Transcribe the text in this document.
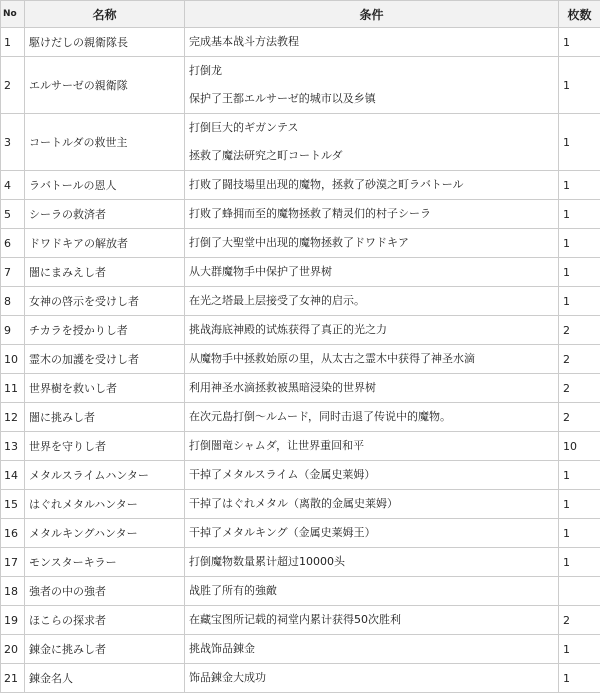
No	名称	条件	枚数
1	駆けだしの親衛隊長	完成基本战斗方法教程	1
2	エルサーゼの親衛隊	打倒龙
保护了王都エルサーゼ的城市以及乡镇	1
3	コートルダの救世主	打倒巨大的ギガンテス
拯救了魔法研究之町コートルダ	1
4	ラバトールの恩人	打败了闘技場里出现的魔物，拯救了砂漠之町ラバトール	1
5	シーラの救済者	打败了蜂拥而至的魔物拯救了精灵们的村子シーラ	1
6	ドワドキアの解放者	打倒了大聖堂中出现的魔物拯救了ドワドキア	1
7	闇にまみえし者	从大群魔物手中保护了世界树	1
8	女神の啓示を受けし者	在光之塔最上层接受了女神的启示。	1
9	チカラを授かりし者	挑战海底神殿的试炼获得了真正的光之力	2
10	霊木の加護を受けし者	从魔物手中拯救始原の里，从太古之霊木中获得了神圣水滴	2
11	世界樹を救いし者	利用神圣水滴拯救被黑暗浸染的世界树	2
12	闇に挑みし者	在次元島打倒～ルムード，同时击退了传说中的魔物。	2
13	世界を守りし者	打倒闇竜シャムダ，让世界重回和平	10
14	メタルスライムハンター	干掉了メタルスライム（金属史莱姆）	1
15	はぐれメタルハンター	干掉了はぐれメタル（离散的金属史莱姆）	1
16	メタルキングハンター	干掉了メタルキング（金属史莱姆王）	1
17	モンスターキラー	打倒魔物数量累计超过10000头	1
18	強者の中の強者	战胜了所有的強敵	

19	ほこらの探求者	在藏宝图所记载的祠堂内累计获得50次胜利	2
20	錬金に挑みし者	挑战饰品錬金	1
21	錬金名人	饰品錬金大成功	1
